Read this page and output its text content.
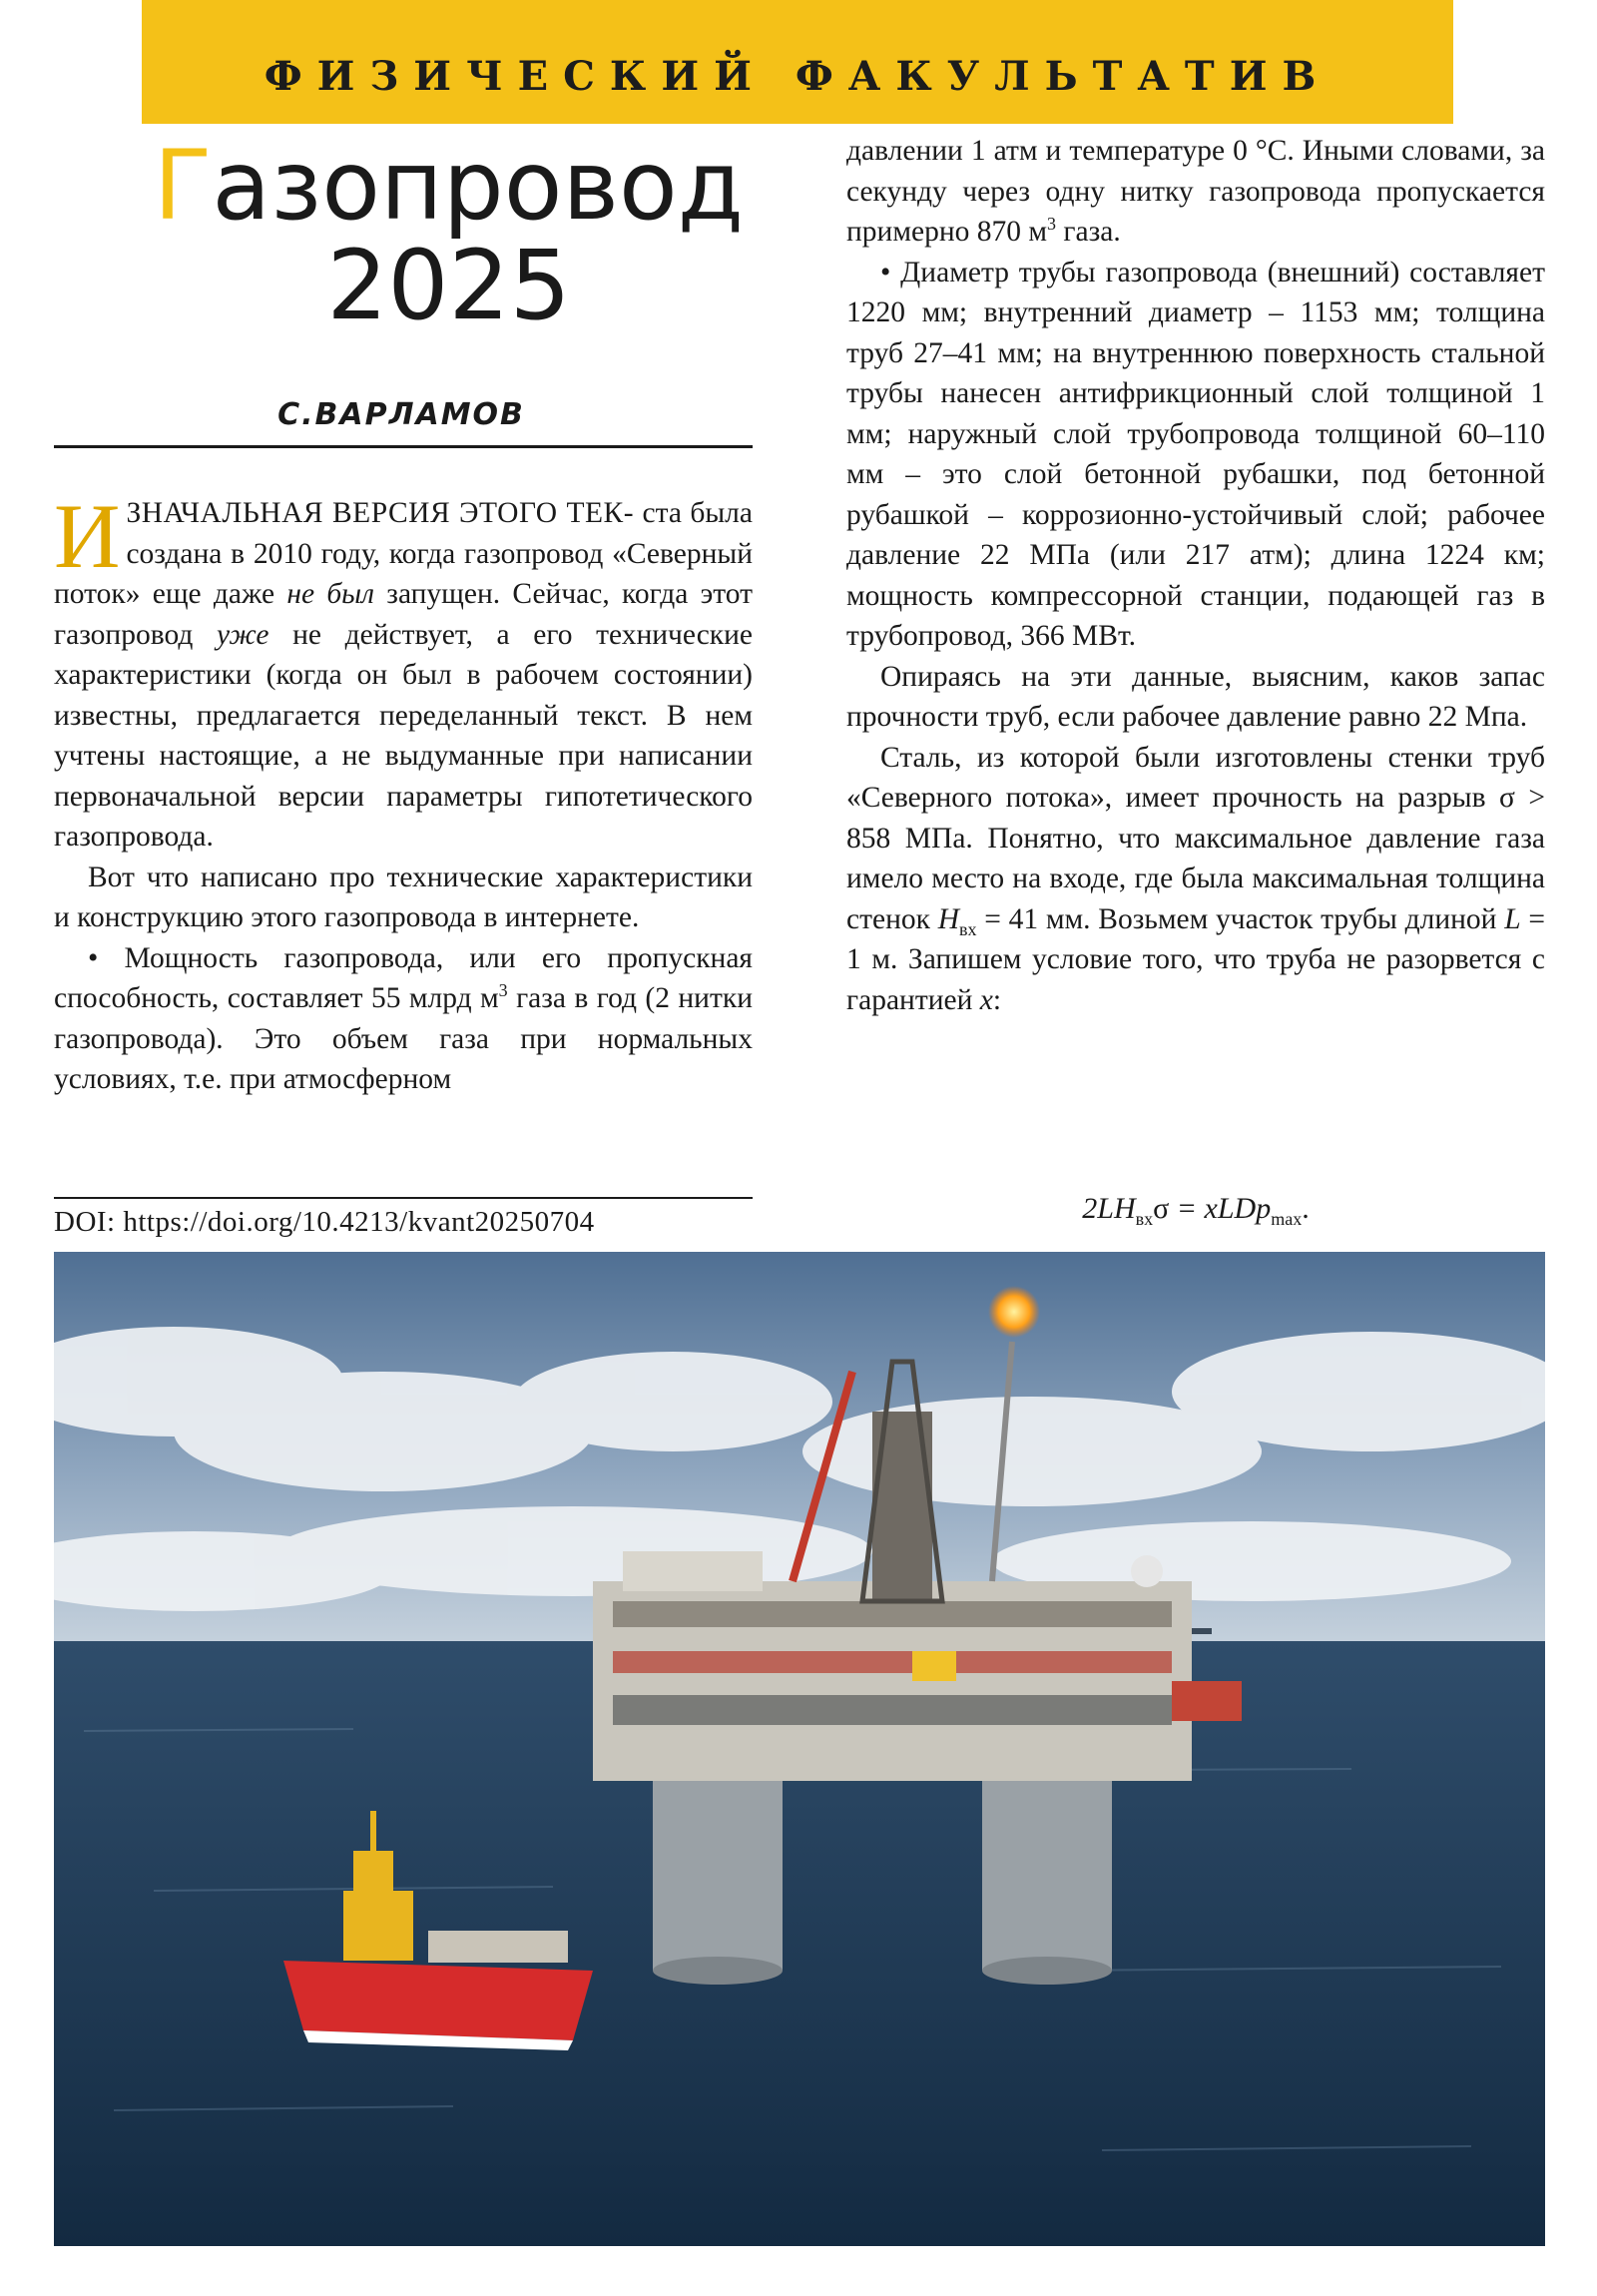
ФИЗИЧЕСКИЙ ФАКУЛЬТАТИВ
Газопровод
2025
С.ВАРЛАМОВ

ИЗНАЧАЛЬНАЯ ВЕРСИЯ ЭТОГО ТЕК- ста была создана в 2010 году, когда газопровод «Северный поток» еще даже не был запущен. Сейчас, когда этот газопровод уже не действует, а его технические характеристики (когда он был в рабочем состоянии) известны, предлагается переделанный текст. В нем учтены настоящие, а не выдуманные при написании первоначальной версии параметры гипотетического газопровода.

Вот что написано про технические характеристики и конструкцию этого газопровода в интернете.

• Мощность газопровода, или его пропускная способность, составляет 55 млрд $м^3$ газа в год (2 нитки газопровода). Это объем газа при нормальных условиях, т.е. при атмосферном

DOI: https://doi.org/10.4213/kvant20250704

давлении 1 атм и температуре 0 °C. Иными словами, за секунду через одну нитку газопровода пропускается примерно 870 $м^3$ газа.

• Диаметр трубы газопровода (внешний) составляет 1220 мм; внутренний диаметр – 1153 мм; толщина труб 27–41 мм; на внутреннюю поверхность стальной трубы нанесен антифрикционный слой толщиной 1 мм; наружный слой трубопровода толщиной 60–110 мм – это слой бетонной рубашки, под бетонной рубашкой – коррозионно-устойчивый слой; рабочее давление 22 МПа (или 217 атм); длина 1224 км; мощность компрессорной станции, подающей газ в трубопровод, 366 МВт.

Опираясь на эти данные, выясним, каков запас прочности труб, если рабочее давление равно 22 Мпа.

Сталь, из которой были изготовлены стенки труб «Северного потока», имеет прочность на разрыв σ > 858 МПа. Понятно, что максимальное давление газа имело место на входе, где была максимальная толщина стенок $H_{вх} = 41$ мм. Возьмем участок трубы длиной L = 1 м. Запишем условие того, что труба не разорвется с гарантией x:

$2LH_{вх}\sigma$ = xLDp$_{max}$.
